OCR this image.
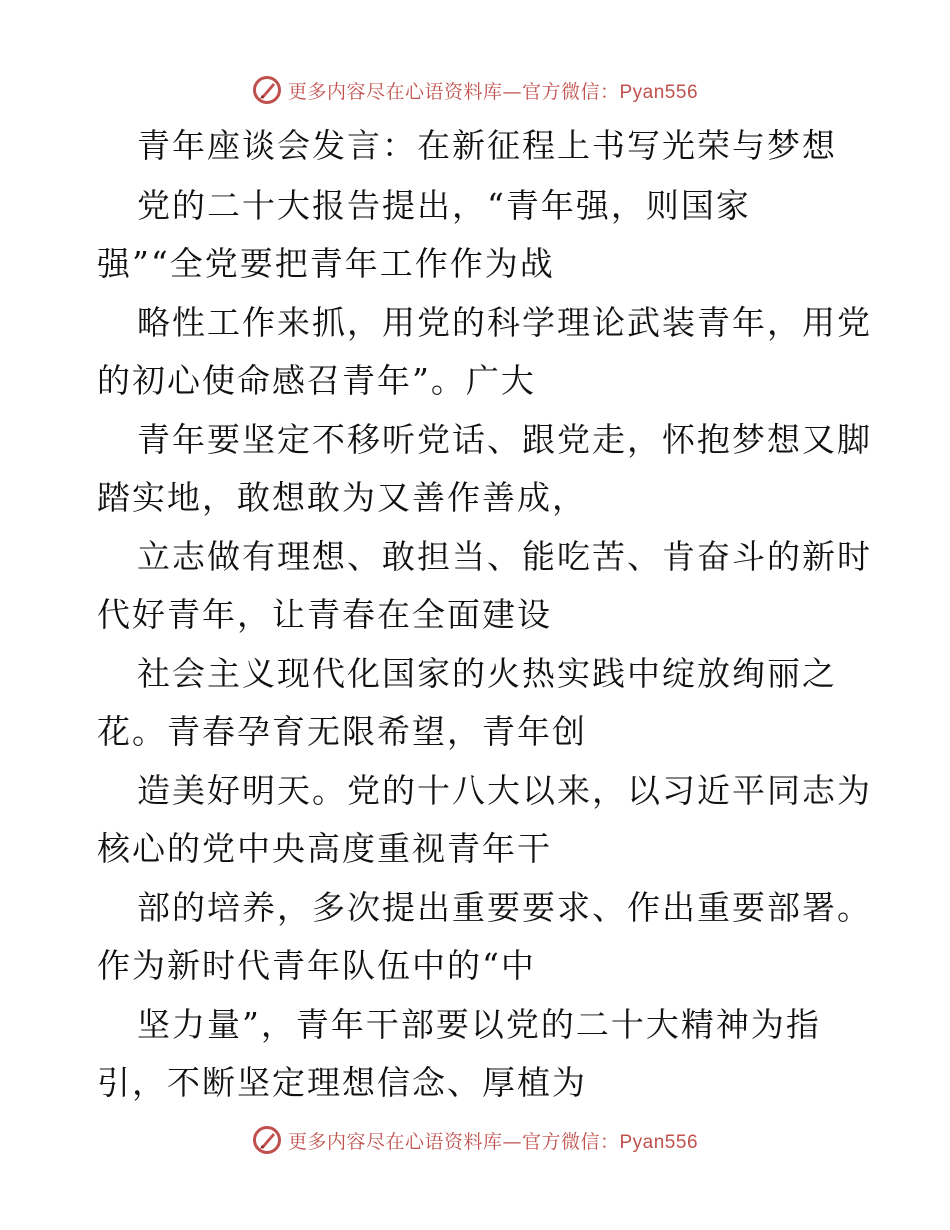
更多内容尽在心语资料库—官方微信：Pyan556
青年座谈会发言：在新征程上书写光荣与梦想
党的二十大报告提出，“青年强，则国家
强”“全党要把青年工作作为战
略性工作来抓，用党的科学理论武装青年，用党
的初心使命感召青年”。广大
青年要坚定不移听党话、跟党走，怀抱梦想又脚
踏实地，敢想敢为又善作善成，
立志做有理想、敢担当、能吃苦、肯奋斗的新时
代好青年，让青春在全面建设
社会主义现代化国家的火热实践中绽放绚丽之
花。青春孕育无限希望，青年创
造美好明天。党的十八大以来，以习近平同志为
核心的党中央高度重视青年干
部的培养，多次提出重要要求、作出重要部署。
作为新时代青年队伍中的“中
坚力量”，青年干部要以党的二十大精神为指
引，不断坚定理想信念、厚植为
更多内容尽在心语资料库—官方微信：Pyan556
